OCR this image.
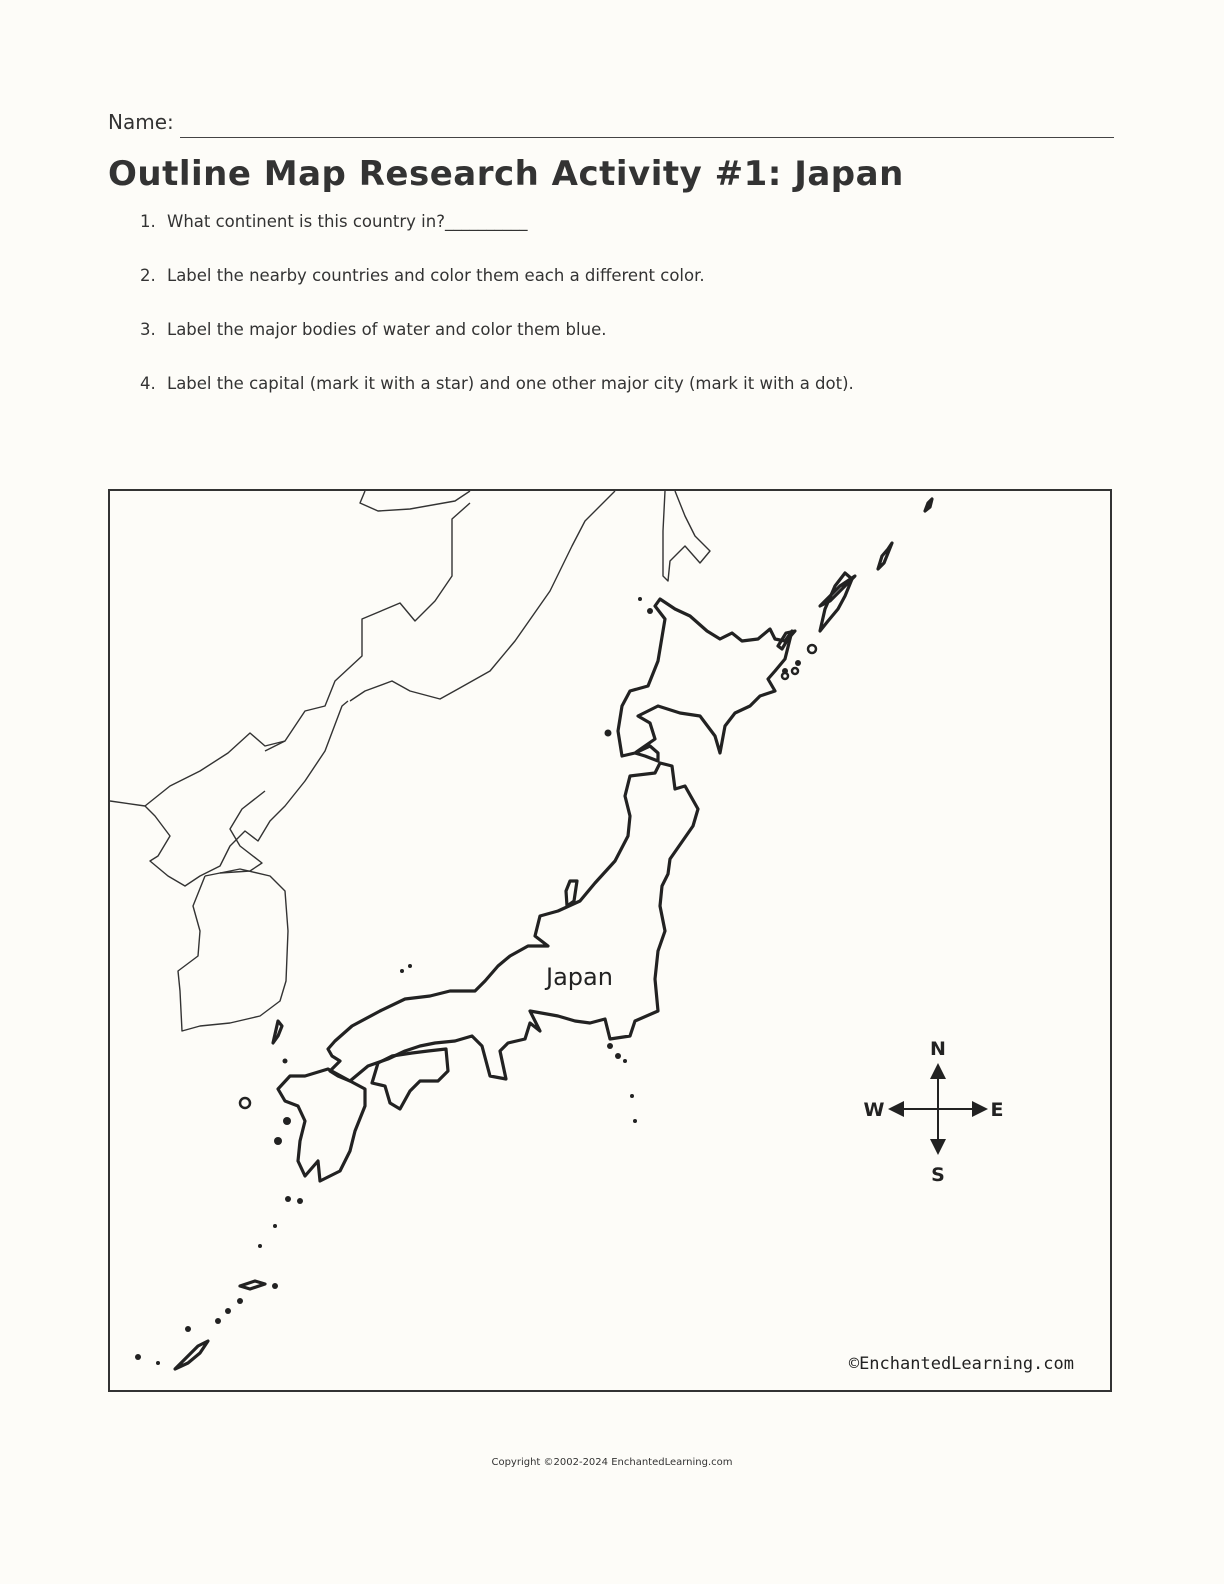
Name:
Outline Map Research Activity #1: Japan
1. What continent is this country in?__________
2. Label the nearby countries and color them each a different color.
3. Label the major bodies of water and color them blue.
4. Label the capital (mark it with a star) and one other major city (mark it with a dot).
Japan
N
S
E
W
©EnchantedLearning.com
Copyright ©2002-2024 EnchantedLearning.com
